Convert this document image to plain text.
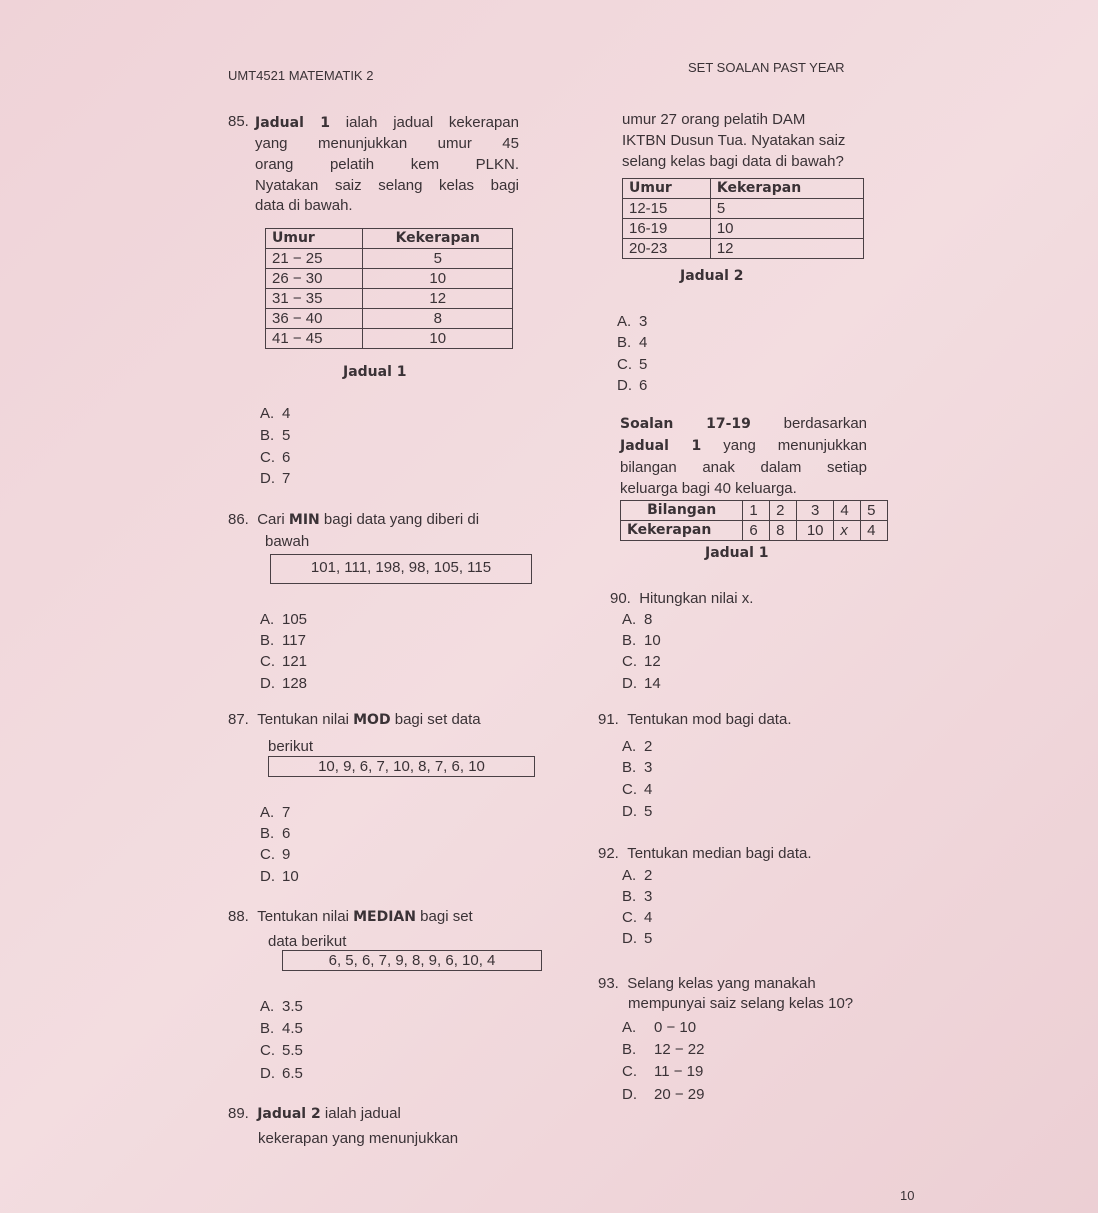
UMT4521 MATEMATIK 2
SET SOALAN PAST YEAR
85. Jadual 1 ialah jadual kekerapan
yang menunjukkan umur 45
orang pelatih kem PLKN.
Nyatakan saiz selang kelas bagi
data di bawah.
Umur	Kekerapan
21 − 25	5
26 − 30	10
31 − 35	12
36 − 40	8
41 − 45	10
Jadual 1
A. 4
B. 5
C. 6
D. 7
86. Cari MIN bagi data yang diberi di
bawah
101, 111, 198, 98, 105, 115
A. 105
B. 117
C. 121
D. 128
87. Tentukan nilai MOD bagi set data
berikut
10, 9, 6, 7, 10, 8, 7, 6, 10
A. 7
B. 6
C. 9
D. 10
88. Tentukan nilai MEDIAN bagi set
data berikut
6, 5, 6, 7, 9, 8, 9, 6, 10, 4
A. 3.5
B. 4.5
C. 5.5
D. 6.5
89. Jadual 2 ialah jadual
kekerapan yang menunjukkan
umur 27 orang pelatih DAM
IKTBN Dusun Tua. Nyatakan saiz
selang kelas bagi data di bawah?
Umur	Kekerapan
12-15	5
16-19	10
20-23	12
Jadual 2
A. 3
B. 4
C. 5
D. 6
Soalan 17-19 berdasarkan
Jadual 1 yang menunjukkan
bilangan anak dalam setiap
keluarga bagi 40 keluarga.
Bilangan	1	2	3	4	5
Kekerapan	6	8	10	x	4
Jadual 1
90. Hitungkan nilai x.
A. 8
B. 10
C. 12
D. 14
91. Tentukan mod bagi data.
A. 2
B. 3
C. 4
D. 5
92. Tentukan median bagi data.
A. 2
B. 3
C. 4
D. 5
93. Selang kelas yang manakah
mempunyai saiz selang kelas 10?
A. 0 − 10
B. 12 − 22
C. 11 − 19
D. 20 − 29
10
